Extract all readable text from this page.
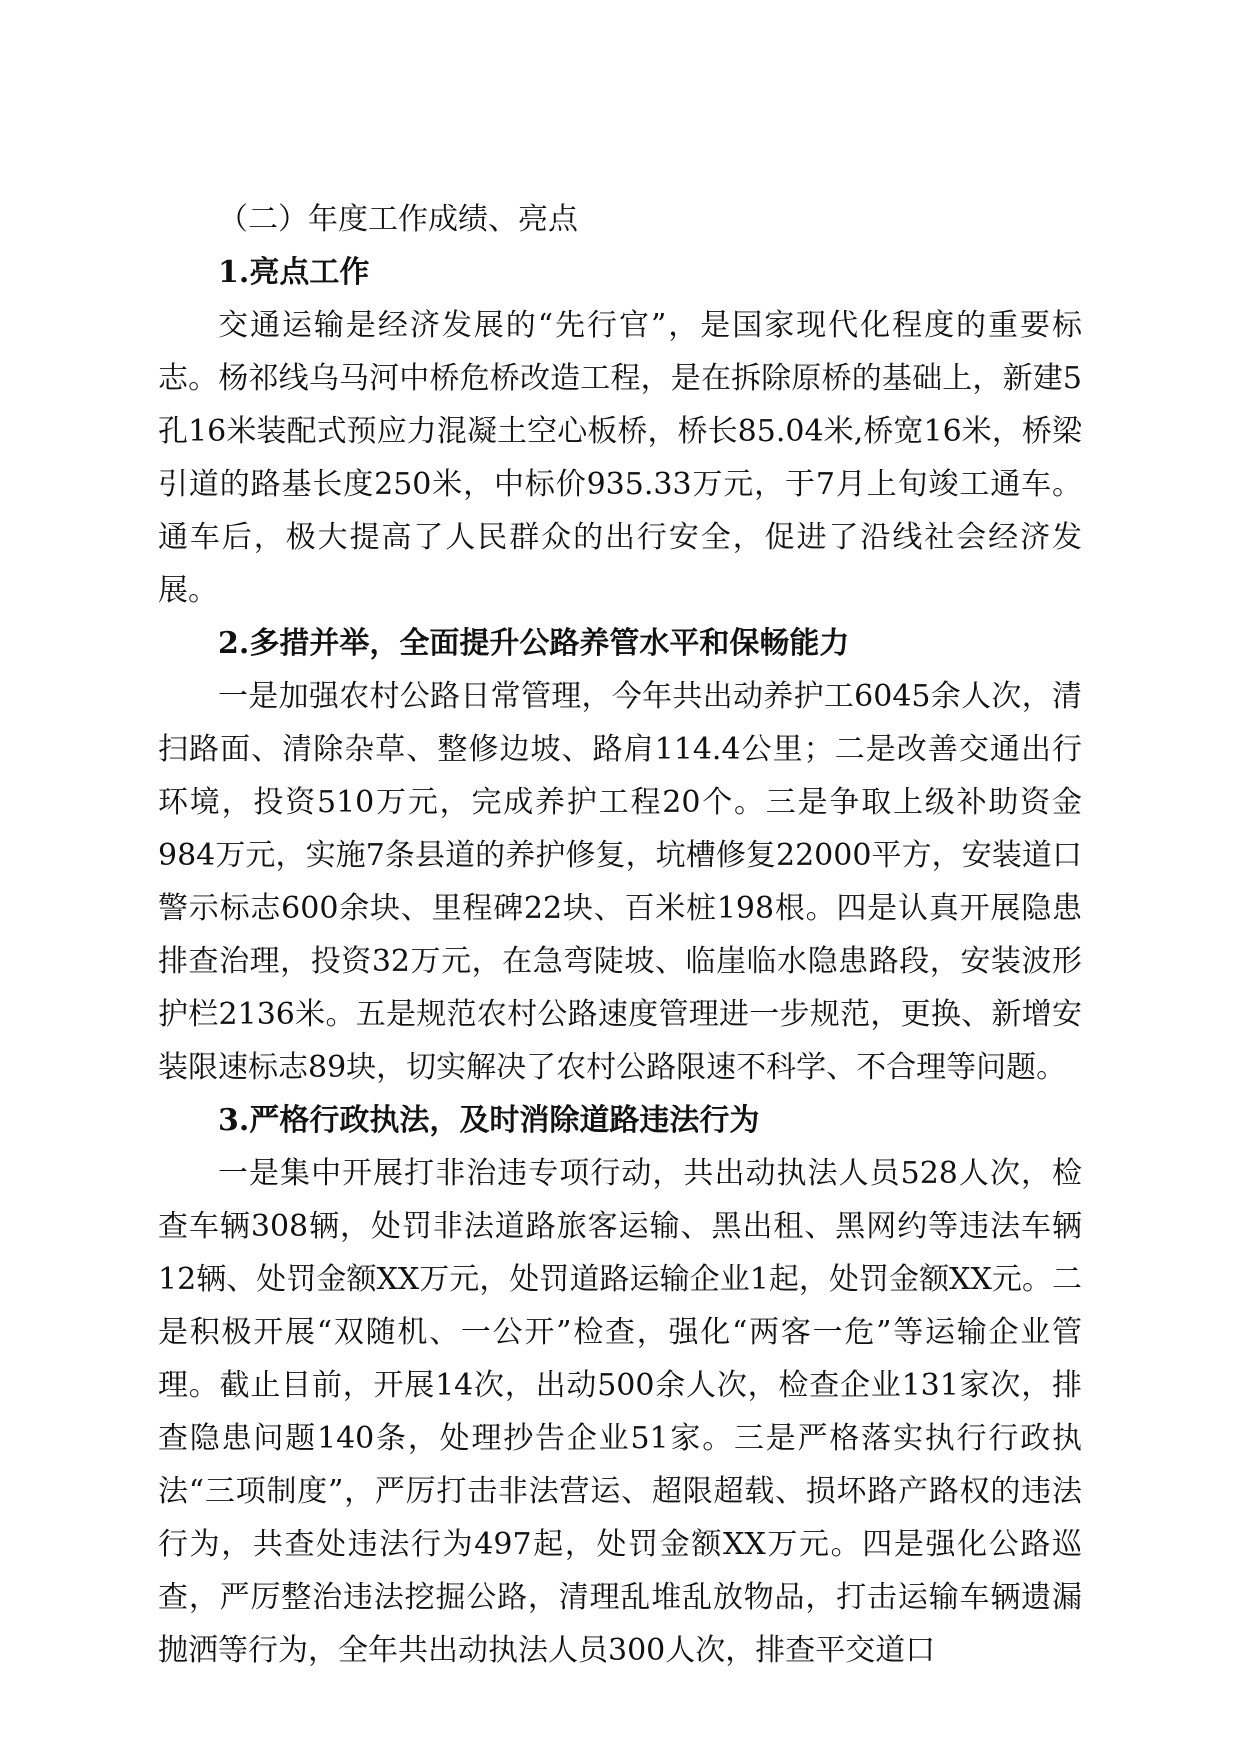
（二）年度工作成绩、亮点

1.亮点工作

交通运输是经济发展的“先行官”，是国家现代化程度的重要标志。杨祁线乌马河中桥危桥改造工程，是在拆除原桥的基础上，新建5孔16米装配式预应力混凝土空心板桥，桥长85.04米,桥宽16米，桥梁引道的路基长度250米，中标价935.33万元，于7月上旬竣工通车。通车后，极大提高了人民群众的出行安全，促进了沿线社会经济发展。

2.多措并举，全面提升公路养管水平和保畅能力

一是加强农村公路日常管理，今年共出动养护工6045余人次，清扫路面、清除杂草、整修边坡、路肩114.4公里；二是改善交通出行环境，投资510万元，完成养护工程20个。三是争取上级补助资金984万元，实施7条县道的养护修复，坑槽修复22000平方，安装道口警示标志600余块、里程碑22块、百米桩198根。四是认真开展隐患排查治理，投资32万元，在急弯陡坡、临崖临水隐患路段，安装波形护栏2136米。五是规范农村公路速度管理进一步规范，更换、新增安装限速标志89块，切实解决了农村公路限速不科学、不合理等问题。

3.严格行政执法，及时消除道路违法行为

一是集中开展打非治违专项行动，共出动执法人员528人次，检查车辆308辆，处罚非法道路旅客运输、黑出租、黑网约等违法车辆12辆、处罚金额XX万元，处罚道路运输企业1起，处罚金额XX元。二是积极开展“双随机、一公开”检查，强化“两客一危”等运输企业管理。截止目前，开展14次，出动500余人次，检查企业131家次，排查隐患问题140条，处理抄告企业51家。三是严格落实执行行政执法“三项制度”，严厉打击非法营运、超限超载、损坏路产路权的违法行为，共查处违法行为497起，处罚金额XX万元。四是强化公路巡查，严厉整治违法挖掘公路，清理乱堆乱放物品，打击运输车辆遗漏抛洒等行为，全年共出动执法人员300人次，排查平交道口
